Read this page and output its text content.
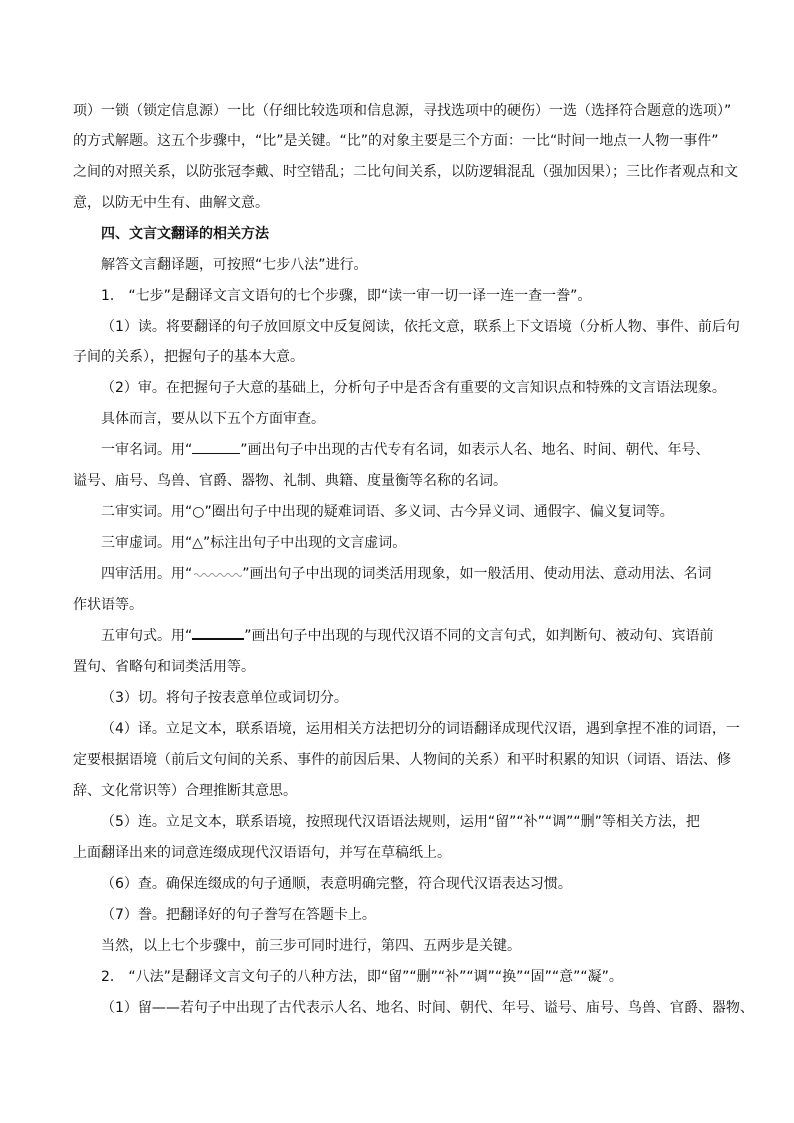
项）一锁（锁定信息源）一比（仔细比较选项和信息源，寻找选项中的硬伤）一选（选择符合题意的选项）”
的方式解题。这五个步骤中，“比”是关键。“比”的对象主要是三个方面：一比“时间一地点一人物一事件”
之间的对照关系，以防张冠李戴、时空错乱；二比句间关系，以防逻辑混乱（强加因果）；三比作者观点和文
意，以防无中生有、曲解文意。
四、文言文翻译的相关方法
解答文言翻译题，可按照“七步八法”进行。
1． “七步”是翻译文言文语句的七个步骤，即“读一审一切一译一连一查一誊”。
（1）读。将要翻译的句子放回原文中反复阅读，依托文意，联系上下文语境（分析人物、事件、前后句
子间的关系），把握句子的基本大意。
（2）审。在把握句子大意的基础上，分析句子中是否含有重要的文言知识点和特殊的文言语法现象。
具体而言，要从以下五个方面审查。
一审名词。用“	”画出句子中出现的古代专有名词，如表示人名、地名、时间、朝代、年号、
谥号、庙号、鸟兽、官爵、器物、礼制、典籍、度量衡等名称的名词。
二审实词。用“○”圈出句子中出现的疑难词语、多义词、古今异义词、通假字、偏义复词等。
三审虚词。用“△”标注出句子中出现的文言虚词。
四审活用。用“	”画出句子中出现的词类活用现象，如一般活用、使动用法、意动用法、名词
作状语等。
五审句式。用“	”画出句子中出现的与现代汉语不同的文言句式，如判断句、被动句、宾语前
置句、省略句和词类活用等。
（3）切。将句子按表意单位或词切分。
（4）译。立足文本，联系语境，运用相关方法把切分的词语翻译成现代汉语，遇到拿捏不准的词语，一
定要根据语境（前后文句间的关系、事件的前因后果、人物间的关系）和平时积累的知识（词语、语法、修
辞、文化常识等）合理推断其意思。
（5）连。立足文本，联系语境，按照现代汉语语法规则，运用“留”“补”“调”“删”等相关方法，把
上面翻译出来的词意连缀成现代汉语语句，并写在草稿纸上。
（6）查。确保连缀成的句子通顺，表意明确完整，符合现代汉语表达习惯。
（7）誊。把翻译好的句子誊写在答题卡上。
当然，以上七个步骤中，前三步可同时进行，第四、五两步是关键。
2． “八法”是翻译文言文句子的八种方法，即“留”“删”“补”“调”“换”“固”“意”“凝”。
（1）留——若句子中出现了古代表示人名、地名、时间、朝代、年号、谥号、庙号、鸟兽、官爵、器物、
